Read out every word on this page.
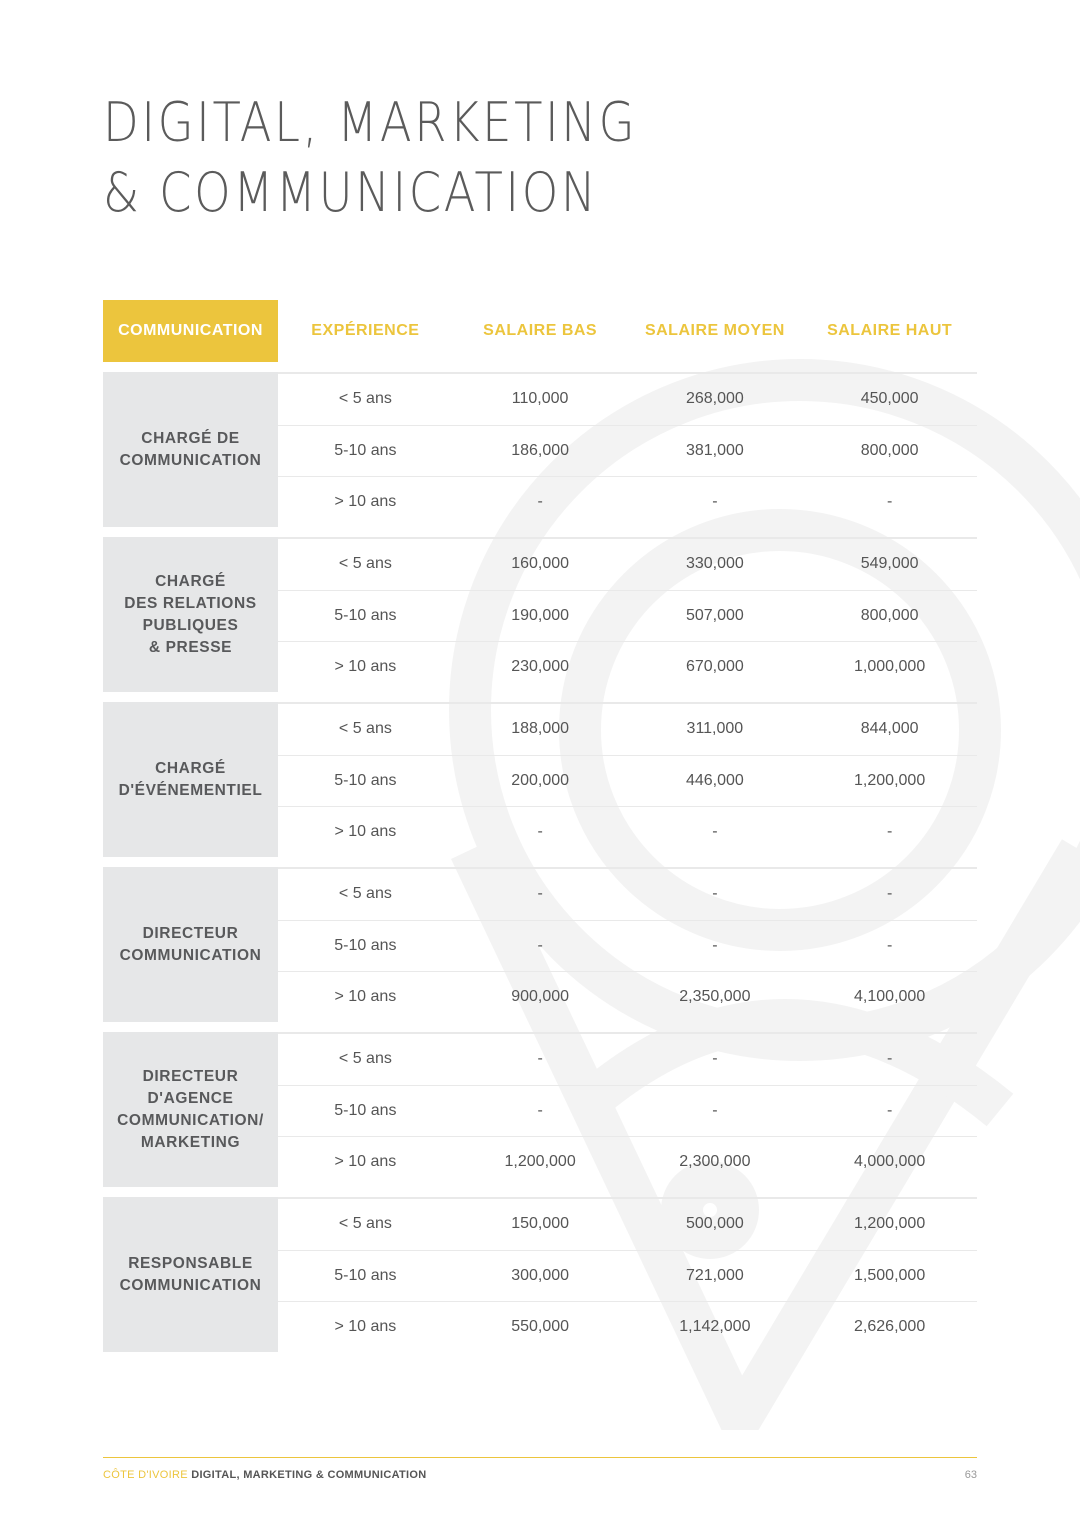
DIGITAL, MARKETING
& COMMUNICATION
COMMUNICATION	EXPÉRIENCE	SALAIRE BAS	SALAIRE MOYEN	SALAIRE HAUT
CHARGÉ DE
COMMUNICATION
< 5 ans	110,000	268,000	450,000
5-10 ans	186,000	381,000	800,000
> 10 ans	-	-	-
CHARGÉ
DES RELATIONS
PUBLIQUES
& PRESSE
< 5 ans	160,000	330,000	549,000
5-10 ans	190,000	507,000	800,000
> 10 ans	230,000	670,000	1,000,000
CHARGÉ
D'ÉVÉNEMENTIEL
< 5 ans	188,000	311,000	844,000
5-10 ans	200,000	446,000	1,200,000
> 10 ans	-	-	-
DIRECTEUR
COMMUNICATION
< 5 ans	-	-	-
5-10 ans	-	-	-
> 10 ans	900,000	2,350,000	4,100,000
DIRECTEUR
D'AGENCE
COMMUNICATION/
MARKETING
< 5 ans	-	-	-
5-10 ans	-	-	-
> 10 ans	1,200,000	2,300,000	4,000,000
RESPONSABLE
COMMUNICATION
< 5 ans	150,000	500,000	1,200,000
5-10 ans	300,000	721,000	1,500,000
> 10 ans	550,000	1,142,000	2,626,000
CÔTE D'IVOIRE DIGITAL, MARKETING & COMMUNICATION	63
